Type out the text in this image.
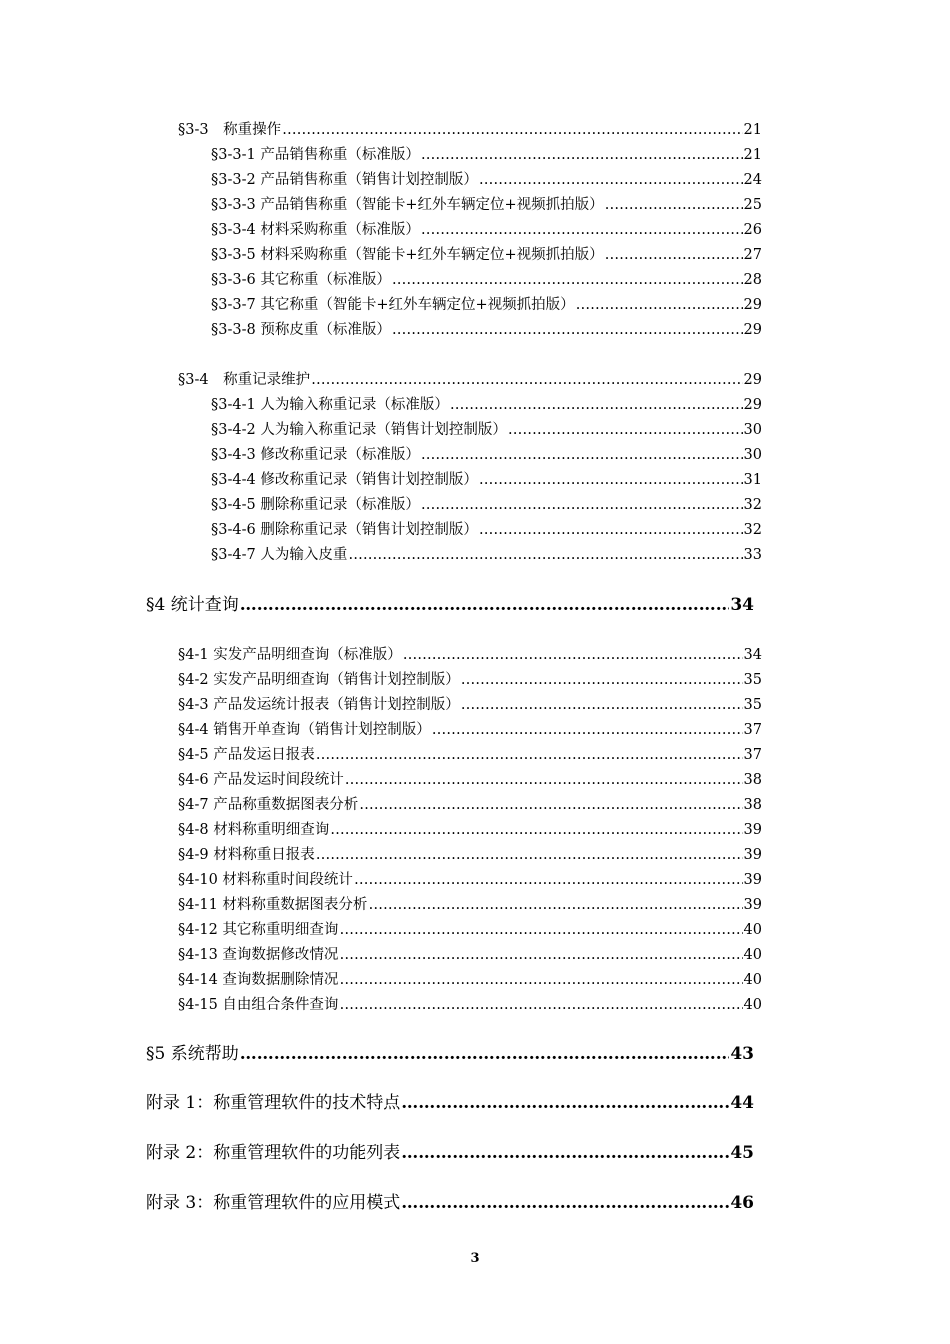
§3-3　称重操作 ……………………………………………………………………………………………………………………………………………………………………	21
§3-3-1 产品销售称重（标准版） ……………………………………………………………………………………………………………………………………………………………………	21
§3-3-2 产品销售称重（销售计划控制版） ……………………………………………………………………………………………………………………………………………………………………	24
§3-3-3 产品销售称重（智能卡+红外车辆定位+视频抓拍版） ……………………………………………………………………………………………………………………………………………………………………	25
§3-3-4 材料采购称重（标准版） ……………………………………………………………………………………………………………………………………………………………………	26
§3-3-5 材料采购称重（智能卡+红外车辆定位+视频抓拍版） ……………………………………………………………………………………………………………………………………………………………………	27
§3-3-6 其它称重（标准版） ……………………………………………………………………………………………………………………………………………………………………	28
§3-3-7 其它称重（智能卡+红外车辆定位+视频抓拍版） ……………………………………………………………………………………………………………………………………………………………………	29
§3-3-8 预称皮重（标准版） ……………………………………………………………………………………………………………………………………………………………………	29
§3-4　称重记录维护 ……………………………………………………………………………………………………………………………………………………………………	29
§3-4-1 人为输入称重记录（标准版） ……………………………………………………………………………………………………………………………………………………………………	29
§3-4-2 人为输入称重记录（销售计划控制版） ……………………………………………………………………………………………………………………………………………………………………	30
§3-4-3 修改称重记录（标准版） ……………………………………………………………………………………………………………………………………………………………………	30
§3-4-4 修改称重记录（销售计划控制版） ……………………………………………………………………………………………………………………………………………………………………	31
§3-4-5 删除称重记录（标准版） ……………………………………………………………………………………………………………………………………………………………………	32
§3-4-6 删除称重记录（销售计划控制版） ……………………………………………………………………………………………………………………………………………………………………	32
§3-4-7 人为输入皮重 ……………………………………………………………………………………………………………………………………………………………………	33
§4 统计查询 ……………………………………………………………………………………………………………………………………………………………………	34
§4-1 实发产品明细查询（标准版） ……………………………………………………………………………………………………………………………………………………………………	34
§4-2 实发产品明细查询（销售计划控制版） ……………………………………………………………………………………………………………………………………………………………………	35
§4-3 产品发运统计报表（销售计划控制版） ……………………………………………………………………………………………………………………………………………………………………	35
§4-4 销售开单查询（销售计划控制版） ……………………………………………………………………………………………………………………………………………………………………	37
§4-5 产品发运日报表 ……………………………………………………………………………………………………………………………………………………………………	37
§4-6 产品发运时间段统计 ……………………………………………………………………………………………………………………………………………………………………	38
§4-7 产品称重数据图表分析 ……………………………………………………………………………………………………………………………………………………………………	38
§4-8 材料称重明细查询 ……………………………………………………………………………………………………………………………………………………………………	39
§4-9 材料称重日报表 ……………………………………………………………………………………………………………………………………………………………………	39
§4-10 材料称重时间段统计 ……………………………………………………………………………………………………………………………………………………………………	39
§4-11 材料称重数据图表分析 ……………………………………………………………………………………………………………………………………………………………………	39
§4-12 其它称重明细查询 ……………………………………………………………………………………………………………………………………………………………………	40
§4-13 查询数据修改情况 ……………………………………………………………………………………………………………………………………………………………………	40
§4-14 查询数据删除情况 ……………………………………………………………………………………………………………………………………………………………………	40
§4-15 自由组合条件查询 ……………………………………………………………………………………………………………………………………………………………………	40
§5 系统帮助 ……………………………………………………………………………………………………………………………………………………………………	43
附录 1：称重管理软件的技术特点 ……………………………………………………………………………………………………………………………………………………………………	44
附录 2：称重管理软件的功能列表 ……………………………………………………………………………………………………………………………………………………………………	45
附录 3：称重管理软件的应用模式 ……………………………………………………………………………………………………………………………………………………………………	46
3
